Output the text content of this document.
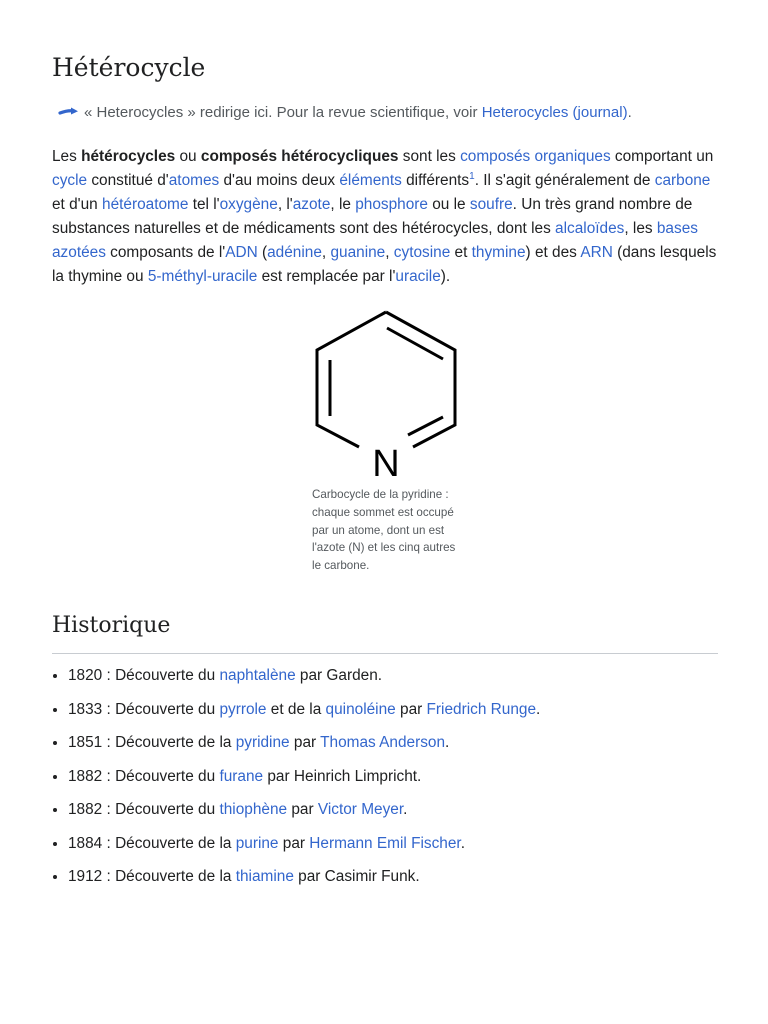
Hétérocycle
« Heterocycles » redirige ici. Pour la revue scientifique, voir Heterocycles (journal).

Les hétérocycles ou composés hétérocycliques sont les composés organiques comportant un cycle constitué d'atomes d'au moins deux éléments différents$^1$. Il s'agit généralement de carbone et d'un hétéroatome tel l'oxygène, l'azote, le phosphore ou le soufre. Un très grand nombre de substances naturelles et de médicaments sont des hétérocycles, dont les alcaloïdes, les bases azotées composants de l'ADN (adénine, guanine, cytosine et thymine) et des ARN (dans lesquels la thymine ou 5-méthyl-uracile est remplacée par l'uracile).

N
Carbocycle de la pyridine : chaque sommet est occupé par un atome, dont un est l'azote (N) et les cinq autres le carbone.
Historique
• 1820 : Découverte du naphtalène par Garden.
• 1833 : Découverte du pyrrole et de la quinoléine par Friedrich Runge.
• 1851 : Découverte de la pyridine par Thomas Anderson.
• 1882 : Découverte du furane par Heinrich Limpricht.
• 1882 : Découverte du thiophène par Victor Meyer.
• 1884 : Découverte de la purine par Hermann Emil Fischer.
• 1912 : Découverte de la thiamine par Casimir Funk.
